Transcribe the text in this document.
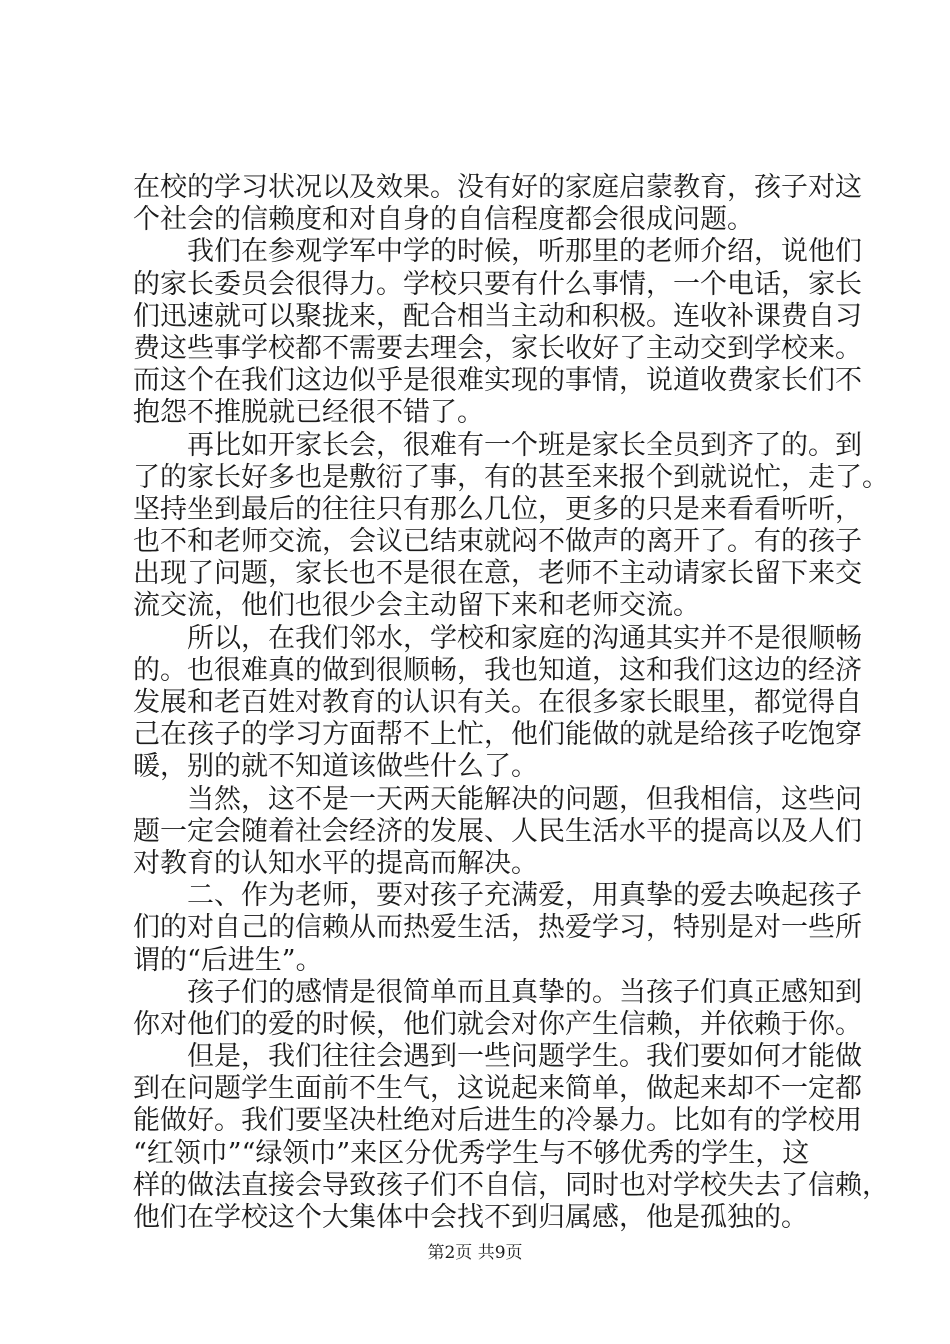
在校的学习状况以及效果。没有好的家庭启蒙教育，孩子对这
个社会的信赖度和对自身的自信程度都会很成问题。
我们在参观学军中学的时候，听那里的老师介绍，说他们
的家长委员会很得力。学校只要有什么事情，一个电话，家长
们迅速就可以聚拢来，配合相当主动和积极。连收补课费自习
费这些事学校都不需要去理会，家长收好了主动交到学校来。
而这个在我们这边似乎是很难实现的事情，说道收费家长们不
抱怨不推脱就已经很不错了。
再比如开家长会，很难有一个班是家长全员到齐了的。到
了的家长好多也是敷衍了事，有的甚至来报个到就说忙，走了。
坚持坐到最后的往往只有那么几位，更多的只是来看看听听，
也不和老师交流，会议已结束就闷不做声的离开了。有的孩子
出现了问题，家长也不是很在意，老师不主动请家长留下来交
流交流，他们也很少会主动留下来和老师交流。
所以，在我们邻水，学校和家庭的沟通其实并不是很顺畅
的。也很难真的做到很顺畅，我也知道，这和我们这边的经济
发展和老百姓对教育的认识有关。在很多家长眼里，都觉得自
己在孩子的学习方面帮不上忙，他们能做的就是给孩子吃饱穿
暖，别的就不知道该做些什么了。
当然，这不是一天两天能解决的问题，但我相信，这些问
题一定会随着社会经济的发展、人民生活水平的提高以及人们
对教育的认知水平的提高而解决。
二、作为老师，要对孩子充满爱，用真挚的爱去唤起孩子
们的对自己的信赖从而热爱生活，热爱学习，特别是对一些所
谓的“后进生”。
孩子们的感情是很简单而且真挚的。当孩子们真正感知到
你对他们的爱的时候，他们就会对你产生信赖，并依赖于你。
但是，我们往往会遇到一些问题学生。我们要如何才能做
到在问题学生面前不生气，这说起来简单，做起来却不一定都
能做好。我们要坚决杜绝对后进生的冷暴力。比如有的学校用
“红领巾”“绿领巾”来区分优秀学生与不够优秀的学生，这
样的做法直接会导致孩子们不自信，同时也对学校失去了信赖，
他们在学校这个大集体中会找不到归属感，他是孤独的。
第2页 共9页
